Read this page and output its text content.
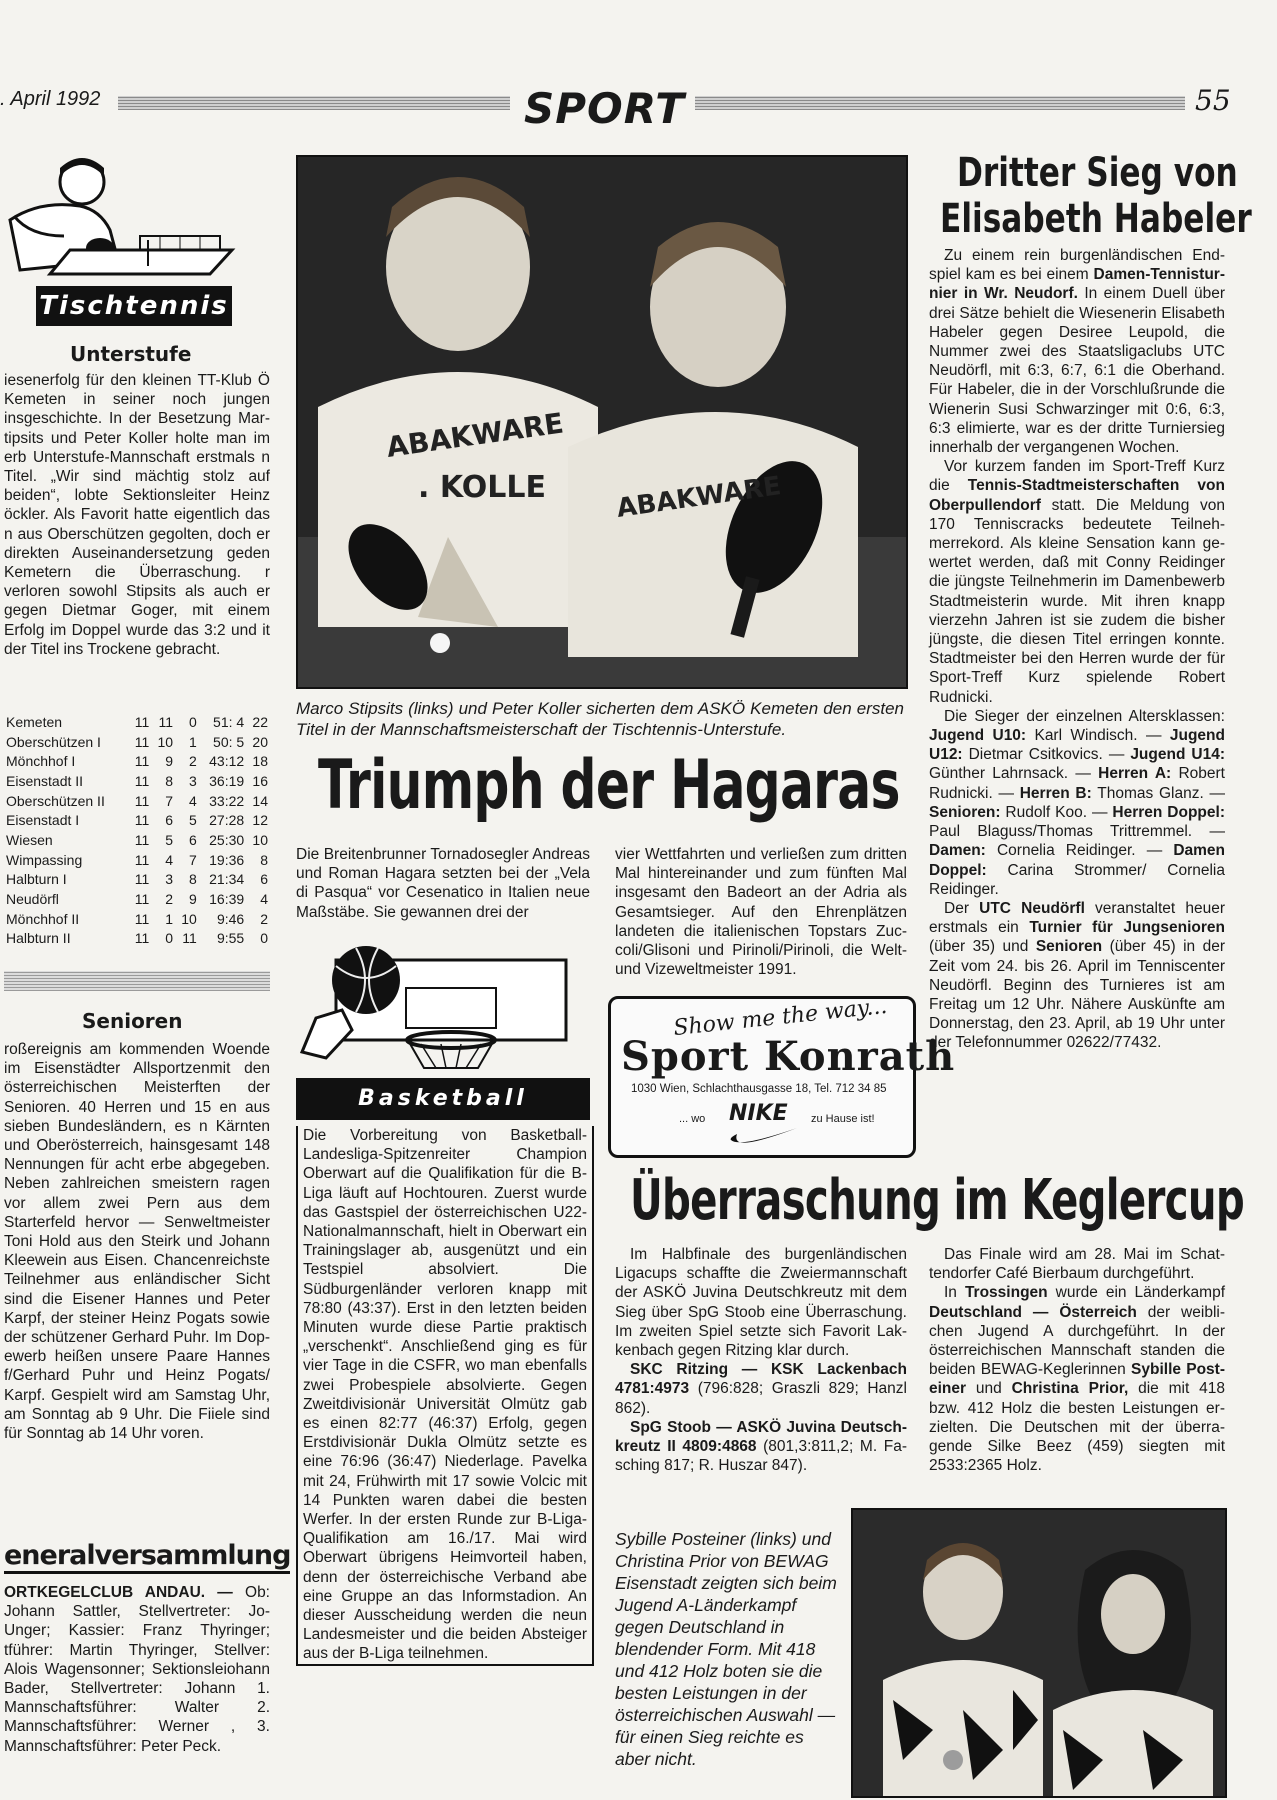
. April 1992	SPORT	55
Tischtennis
Unterstufe

iesenerfolg für den kleinen TT-Klub Ö Kemeten in seiner noch jungen insgeschichte. In der Besetzung Martipsits und Peter Koller holte man im erb Unterstufe-Mannschaft erstmals n Titel. „Wir sind mächtig stolz auf beiden“, lobte Sektionsleiter Heinz öckler. Als Favorit hatte eigentlich das n aus Oberschützen gegolten, doch er direkten Auseinandersetzung geden Kemetern die Überraschung. r verloren sowohl Stipsits als auch er gegen Dietmar Goger, mit einem Erfolg im Doppel wurde das 3:2 und it der Titel ins Trockene gebracht.

Kemeten	11	11	0	51: 4	22
Oberschützen I	11	10	1	50: 5	20
Mönchhof I	11	9	2	43:12	18
Eisenstadt II	11	8	3	36:19	16
Oberschützen II	11	7	4	33:22	14
Eisenstadt I	11	6	5	27:28	12
Wiesen	11	5	6	25:30	10
Wimpassing	11	4	7	19:36	8
Halbturn I	11	3	8	21:34	6
Neudörfl	11	2	9	16:39	4
Mönchhof II	11	1	10	9:46	2
Halbturn II	11	0	11	9:55	0
Senioren

roßereignis am kommenden Woende im Eisenstädter Allsportzenmit den österreichischen Meisterften der Senioren. 40 Herren und 15 en aus sieben Bundesländern, es n Kärnten und Oberösterreich, hainsgesamt 148 Nennungen für acht erbe abgegeben. Neben zahlreichen smeistern ragen vor allem zwei Pern aus dem Starterfeld hervor — Senweltmeister Toni Hold aus den Steirk und Johann Kleewein aus Eisen. Chancenreichste Teilnehmer aus enländischer Sicht sind die Eisener Hannes und Peter Karpf, der steiner Heinz Pogats sowie der schützener Gerhard Puhr. Im Dopewerb heißen unsere Paare Hannes f/Gerhard Puhr und Heinz Pogats/ Karpf. Gespielt wird am Samstag Uhr, am Sonntag ab 9 Uhr. Die Fiiele sind für Sonntag ab 14 Uhr voren.

eneralversammlung

ORTKEGELCLUB ANDAU. — Ob: Johann Sattler, Stellvertreter: JoUnger; Kassier: Franz Thyringer; tführer: Martin Thyringer, Stellver: Alois Wagensonner; Sektionsleiohann Bader, Stellvertreter: Johann 1. Mannschaftsführer: Walter 2. Mannschaftsführer: Werner , 3. Mannschaftsführer: Peter Peck.

ABAKWARE
. KOLLE	ABAKWARE
Marco Stipsits (links) und Peter Koller sicherten dem ASKÖ Kemeten den ersten Titel in der Mannschaftsmeisterschaft der Tischtennis-Unterstufe.
Triumph der Hagaras

Die Breitenbrunner Tornadosegler Andreas und Roman Hagara setzten bei der „Vela di Pasqua“ vor Cesenatico in Italien neue Maßstäbe. Sie gewannen drei der

vier Wettfahrten und verließen zum dritten Mal hintereinander und zum fünften Mal insgesamt den Badeort an der Adria als Gesamtsieger. Auf den Ehrenplätzen landeten die italienischen Topstars Zuccoli/Glisoni und Pirinoli/Pirinoli, die Welt- und Vizeweltmeister 1991.

Basketball

Die Vorbereitung von Basketball-Landesliga-Spitzenreiter Champion Oberwart auf die Qualifikation für die B-Liga läuft auf Hochtouren. Zuerst wurde das Gastspiel der österreichischen U22-Nationalmannschaft, hielt in Oberwart ein Trainingslager ab, ausgenützt und ein Testspiel absolviert. Die Südburgenländer verloren knapp mit 78:80 (43:37). Erst in den letzten beiden Minuten wurde diese Partie praktisch „verschenkt“. Anschließend ging es für vier Tage in die CSFR, wo man ebenfalls zwei Probespiele absolvierte. Gegen Zweitdivisionär Universität Olmütz gab es einen 82:77 (46:37) Erfolg, gegen Erstdivisionär Dukla Olmütz setzte es eine 76:96 (36:47) Niederlage. Pavelka mit 24, Frühwirth mit 17 sowie Volcic mit 14 Punkten waren dabei die besten Werfer. In der ersten Runde zur B-Liga-Qualifikation am 16./17. Mai wird Oberwart übrigens Heimvorteil haben, denn der österreichische Verband abe eine Gruppe an das Informstadion. An dieser Ausscheidung werden die neun Landesmeister und die beiden Absteiger aus der B-Liga teilnehmen.

Show me the way...
Sport Konrath
1030 Wien, Schlachthausgasse 18, Tel. 712 34 85
... wo NIKE	zu Hause ist!
Dritter Sieg von
Elisabeth Habeler

Zu einem rein burgenländischen Endspiel kam es bei einem Damen-Tennisturnier in Wr. Neudorf. In einem Duell über drei Sätze behielt die Wiesenerin Elisabeth Habeler gegen Desiree Leupold, die Nummer zwei des Staatsligaclubs UTC Neudörfl, mit 6:3, 6:7, 6:1 die Oberhand. Für Habeler, die in der Vorschlußrunde die Wienerin Susi Schwarzinger mit 0:6, 6:3, 6:3 elimierte, war es der dritte Turniersieg innerhalb der vergangenen Wochen.

Vor kurzem fanden im Sport-Treff Kurz die Tennis-Stadtmeisterschaften von Oberpullendorf statt. Die Meldung von 170 Tenniscracks bedeutete Teilnehmerrekord. Als kleine Sensation kann gewertet werden, daß mit Conny Reidinger die jüngste Teilnehmerin im Damenbewerb Stadtmeisterin wurde. Mit ihren knapp vierzehn Jahren ist sie zudem die bisher jüngste, die diesen Titel erringen konnte. Stadtmeister bei den Herren wurde der für Sport-Treff Kurz spielende Robert Rudnicki.

Die Sieger der einzelnen Altersklassen: Jugend U10: Karl Windisch. — Jugend U12: Dietmar Csitkovics. — Jugend U14: Günther Lahrnsack. — Herren A: Robert Rudnicki. — Herren B: Thomas Glanz. — Senioren: Rudolf Koo. — Herren Doppel: Paul Blaguss/Thomas Trittremmel. — Damen: Cornelia Reidinger. — Damen Doppel: Carina Strommer/ Cornelia Reidinger.

Der UTC Neudörfl veranstaltet heuer erstmals ein Turnier für Jungsenioren (über 35) und Senioren (über 45) in der Zeit vom 24. bis 26. April im Tenniscenter Neudörfl. Beginn des Turnieres ist am Freitag um 12 Uhr. Nähere Auskünfte am Donnerstag, den 23. April, ab 19 Uhr unter der Telefonnummer 02622/77432.

Überraschung im Keglercup

Im Halbfinale des burgenländischen Ligacups schaffte die Zweiermannschaft der ASKÖ Juvina Deutschkreutz mit dem Sieg über SpG Stoob eine Überraschung. Im zweiten Spiel setzte sich Favorit Lakkenbach gegen Ritzing klar durch.

SKC Ritzing — KSK Lackenbach 4781:4973 (796:828; Graszli 829; Hanzl 862).

SpG Stoob — ASKÖ Juvina Deutschkreutz II 4809:4868 (801,3:811,2; M. Fasching 817; R. Huszar 847).

Das Finale wird am 28. Mai im Schattendorfer Café Bierbaum durchgeführt.

In Trossingen wurde ein Länderkampf Deutschland — Österreich der weiblichen Jugend A durchgeführt. In der österreichischen Mannschaft standen die beiden BEWAG-Keglerinnen Sybille Posteiner und Christina Prior, die mit 418 bzw. 412 Holz die besten Leistungen erzielten. Die Deutschen mit der überragende Silke Beez (459) siegten mit 2533:2365 Holz.

Sybille Posteiner (links) und Christina Prior von BEWAG Eisenstadt zeigten sich beim Jugend A-Länderkampf gegen Deutschland in blendender Form. Mit 418 und 412 Holz boten sie die besten Leistungen in der österreichischen Auswahl — für einen Sieg reichte es aber nicht.
